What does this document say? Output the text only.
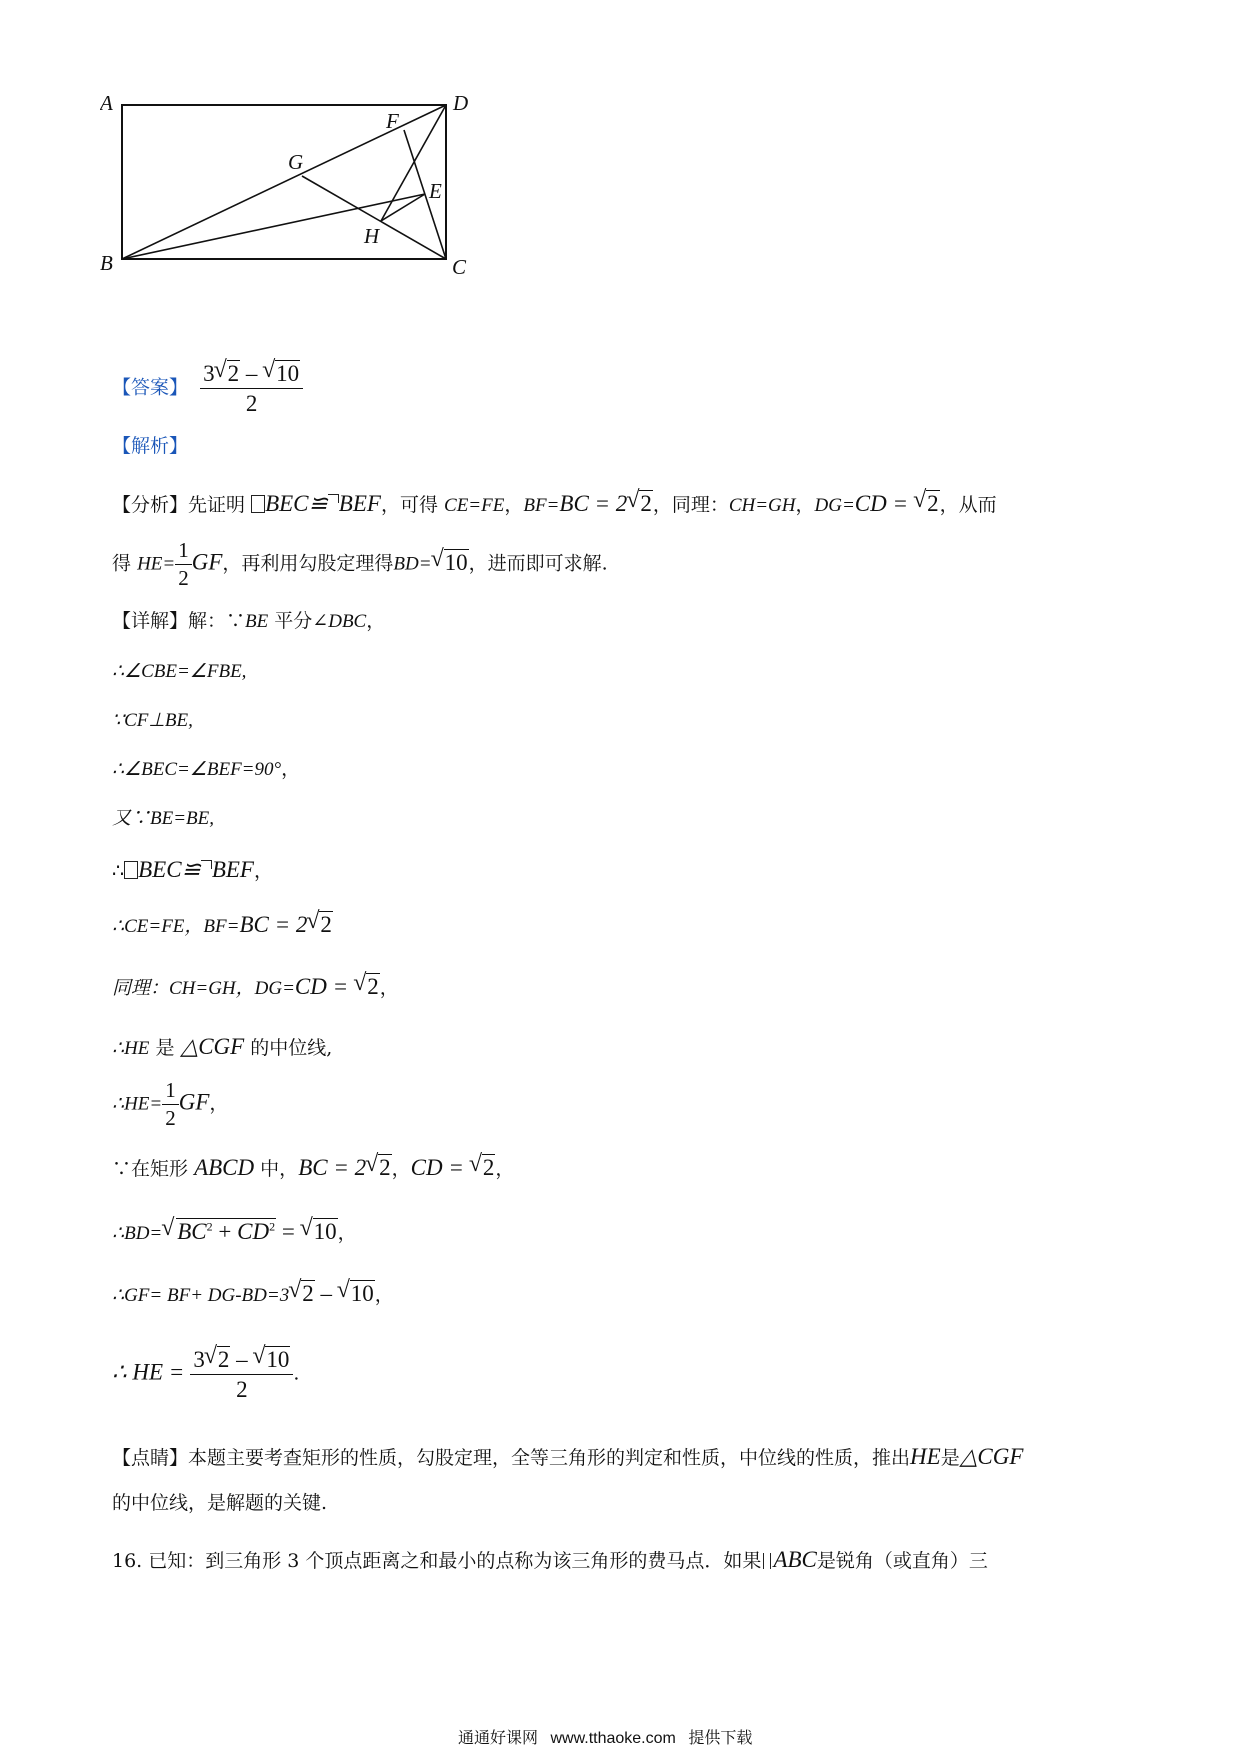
A
B	C
D
E
F
G
H
【答案】 $\frac{3 √ 2 - √ 10}{2}$
【解析】
【分析】先证明 BEC≌ BEF，可得 CE=FE，BF=BC = 2 √ 2，同理：CH=GH，DG=CD = √ 2，从而
得 $HE= \frac{1}{2}$ GF，再利用勾股定理得BD= √ 10，进而即可求解.
【详解】解：∵BE 平分∠DBC，
∴∠CBE=∠FBE,
∵CF⊥BE,
∴∠BEC=∠BEF=90°，
又∵BE=BE,
∴ BEC≌ BEF，
∴CE=FE，BF=BC = 2 √ 2
同理：CH=GH，DG=CD = √ 2，
∴HE 是 △CGF 的中位线,
∴HE= $\frac{1}{2}$ GF，
∵在矩形 ABCD 中，BC = 2 √ 2，CD = √ 2，
∴BD= √ $BC^2 + CD^2$ = √ 10，
∴GF= BF+ DG-BD=3 √ 2 – √ 10，
∴ HE = $\frac{3 √ 2 - √ 10}{2}$ .
【点睛】本题主要考查矩形的性质，勾股定理，全等三角形的判定和性质，中位线的性质，推出HE是△CGF
的中位线，是解题的关键.
16. 已知：到三角形 3 个顶点距离之和最小的点称为该三角形的费马点．如果 ABC是锐角（或直角）三
通通好课网 www.tthaoke.com 提供下载
